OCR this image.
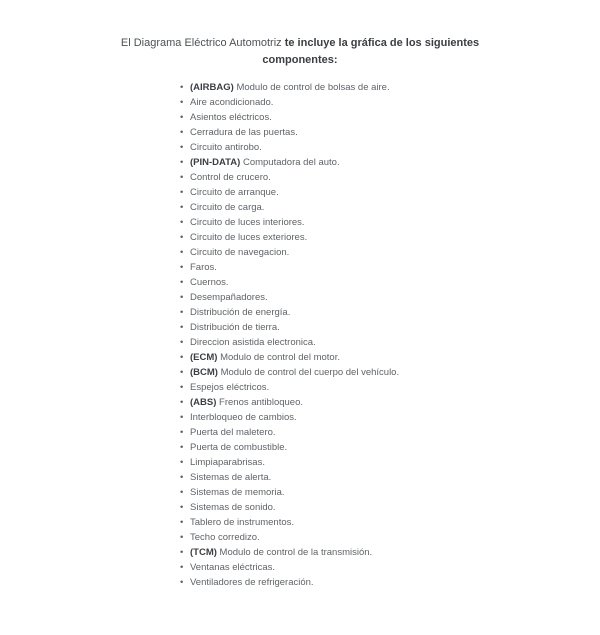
El Diagrama Eléctrico Automotriz te incluye la gráfica de los siguientes
componentes:
• (AIRBAG) Modulo de control de bolsas de aire.
• Aire acondicionado.
• Asientos eléctricos.
• Cerradura de las puertas.
• Circuito antirobo.
• (PIN-DATA) Computadora del auto.
• Control de crucero.
• Circuito de arranque.
• Circuito de carga.
• Circuito de luces interiores.
• Circuito de luces exteriores.
• Circuito de navegacion.
• Faros.
• Cuernos.
• Desempañadores.
• Distribución de energía.
• Distribución de tierra.
• Direccion asistida electronica.
• (ECM) Modulo de control del motor.
• (BCM) Modulo de control del cuerpo del vehículo.
• Espejos eléctricos.
• (ABS) Frenos antibloqueo.
• Interbloqueo de cambios.
• Puerta del maletero.
• Puerta de combustible.
• Limpiaparabrisas.
• Sistemas de alerta.
• Sistemas de memoria.
• Sistemas de sonido.
• Tablero de instrumentos.
• Techo corredizo.
• (TCM) Modulo de control de la transmisión.
• Ventanas eléctricas.
• Ventiladores de refrigeración.
